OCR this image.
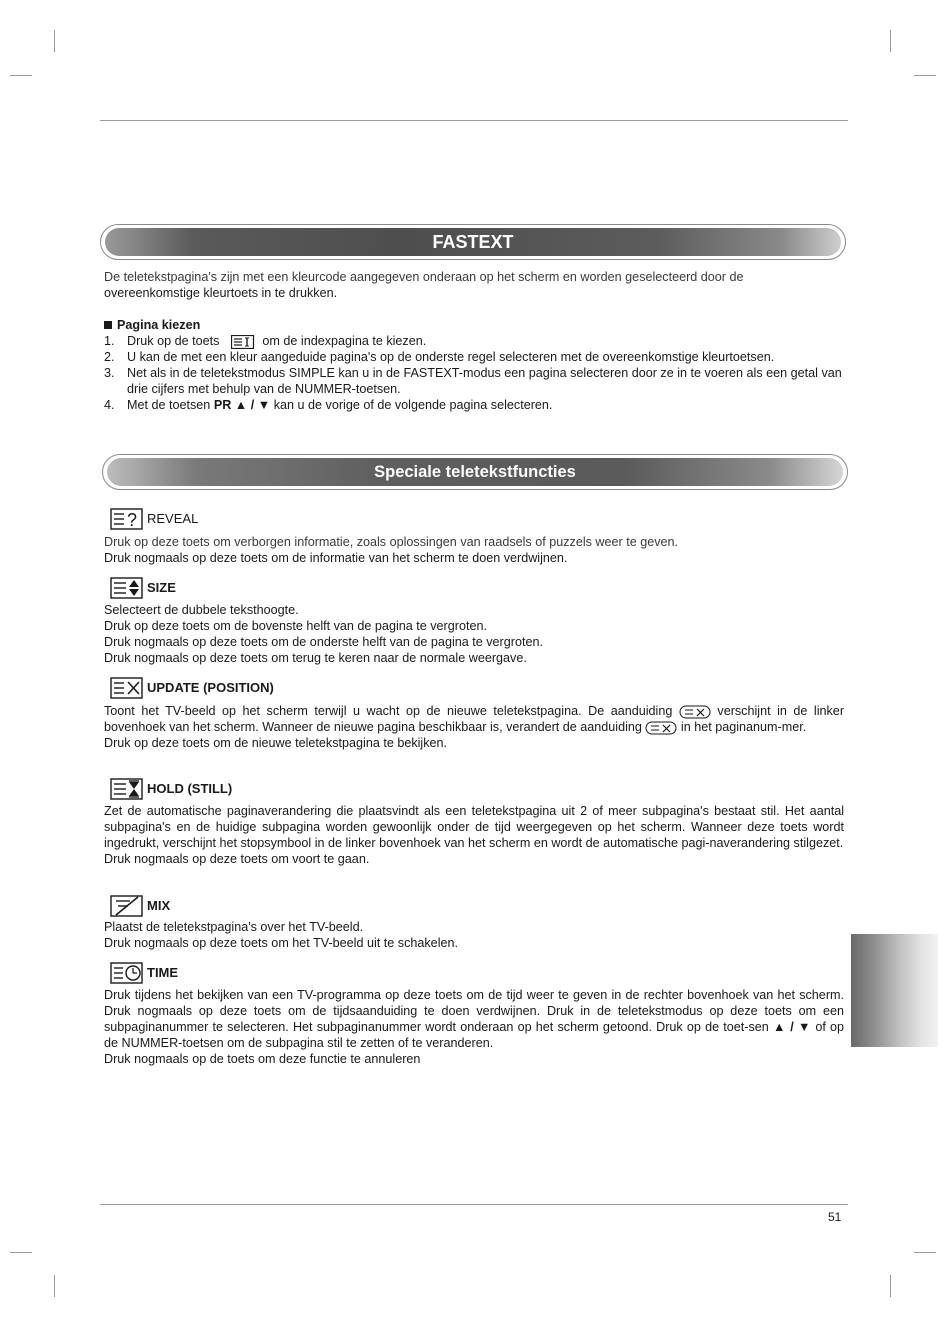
FASTEXT

De teletekstpagina's zijn met een kleurcode aangegeven onderaan op het scherm en worden geselecteerd door de

overeenkomstige kleurtoets in te drukken.

Pagina kiezen
1. Druk op de toets	om de indexpagina te kiezen.
2. U kan de met een kleur aangeduide pagina's op de onderste regel selecteren met de overeenkomstige kleurtoetsen.
3. Net als in de teletekstmodus SIMPLE kan u in de FASTEXT-modus een pagina selecteren door ze in te voeren als een getal van drie cijfers met behulp van de NUMMER-toetsen.
4. Met de toetsen PR ▲ / ▼ kan u de vorige of de volgende pagina selecteren.
Speciale teletekstfuncties
? REVEAL

Druk op deze toets om verborgen informatie, zoals oplossingen van raadsels of puzzels weer te geven.

Druk nogmaals op deze toets om de informatie van het scherm te doen verdwijnen.

SIZE

Selecteert de dubbele teksthoogte.

Druk op deze toets om de bovenste helft van de pagina te vergroten.

Druk nogmaals op deze toets om de onderste helft van de pagina te vergroten.

Druk nogmaals op deze toets om terug te keren naar de normale weergave.

UPDATE (POSITION)

Toont het TV-beeld op het scherm terwijl u wacht op de nieuwe teletekstpagina. De aanduiding	verschijnt in de linker bovenhoek van het scherm. Wanneer de nieuwe pagina beschikbaar is, verandert de aanduiding	in het paginanum-mer.

Druk op deze toets om de nieuwe teletekstpagina te bekijken.

HOLD (STILL)

Zet de automatische paginaverandering die plaatsvindt als een teletekstpagina uit 2 of meer subpagina's bestaat stil. Het aantal subpagina's en de huidige subpagina worden gewoonlijk onder de tijd weergegeven op het scherm. Wanneer deze toets wordt ingedrukt, verschijnt het stopsymbool in de linker bovenhoek van het scherm en wordt de automatische pagi-naverandering stilgezet.

Druk nogmaals op deze toets om voort te gaan.

MIX

Plaatst de teletekstpagina's over het TV-beeld.

Druk nogmaals op deze toets om het TV-beeld uit te schakelen.

TIME

Druk tijdens het bekijken van een TV-programma op deze toets om de tijd weer te geven in de rechter bovenhoek van het scherm. Druk nogmaals op deze toets om de tijdsaanduiding te doen verdwijnen. Druk in de teletekstmodus op deze toets om een subpaginanummer te selecteren. Het subpaginanummer wordt onderaan op het scherm getoond. Druk op de toet-sen ▲ / ▼ of op de NUMMER-toetsen om de subpagina stil te zetten of te veranderen.

Druk nogmaals op de toets om deze functie te annuleren

51
